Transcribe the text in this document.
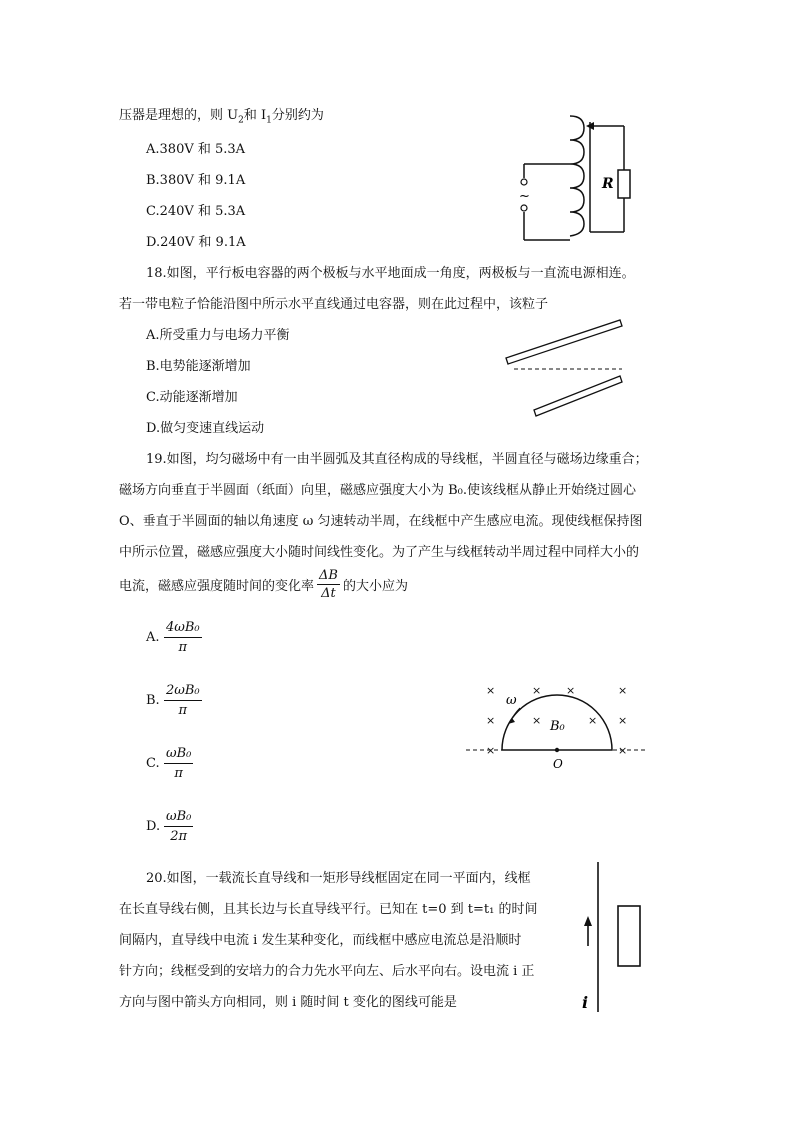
压器是理想的，则 $U_2$和 $I_1$分别约为
A.380V 和 5.3A
B.380V 和 9.1A
C.240V 和 5.3A
D.240V 和 9.1A
~
R
18.如图，平行板电容器的两个极板与水平地面成一角度，两极板与一直流电源相连。
若一带电粒子恰能沿图中所示水平直线通过电容器，则在此过程中，该粒子
A.所受重力与电场力平衡
B.电势能逐渐增加
C.动能逐渐增加
D.做匀变速直线运动
19.如图，均匀磁场中有一由半圆弧及其直径构成的导线框，半圆直径与磁场边缘重合；
磁场方向垂直于半圆面（纸面）向里，磁感应强度大小为 B₀.使该线框从静止开始绕过圆心
O、垂直于半圆面的轴以角速度 ω 匀速转动半周，在线框中产生感应电流。现使线框保持图
中所示位置，磁感应强度大小随时间线性变化。为了产生与线框转动半周过程中同样大小的
电流，磁感应强度随时间的变化率 $\frac{\Delta B}{\Delta t}$ 的大小应为
A. $\frac{\text{4ωB₀}}{\pi}$
B. $\frac{\text{2ωB₀}}{\pi}$
C. $\frac{\text{ωB₀}}{\pi}$
D. $\frac{\text{ωB₀}}{2\pi}$
×	× ×	×
×	×	× ×
×	×
ω
B₀
O
20.如图，一载流长直导线和一矩形导线框固定在同一平面内，线框
在长直导线右侧，且其长边与长直导线平行。已知在 t=0 到 t=t₁ 的时间
间隔内，直导线中电流 i 发生某种变化，而线框中感应电流总是沿顺时
针方向；线框受到的安培力的合力先水平向左、后水平向右。设电流 i 正
方向与图中箭头方向相同，则 i 随时间 t 变化的图线可能是	i
